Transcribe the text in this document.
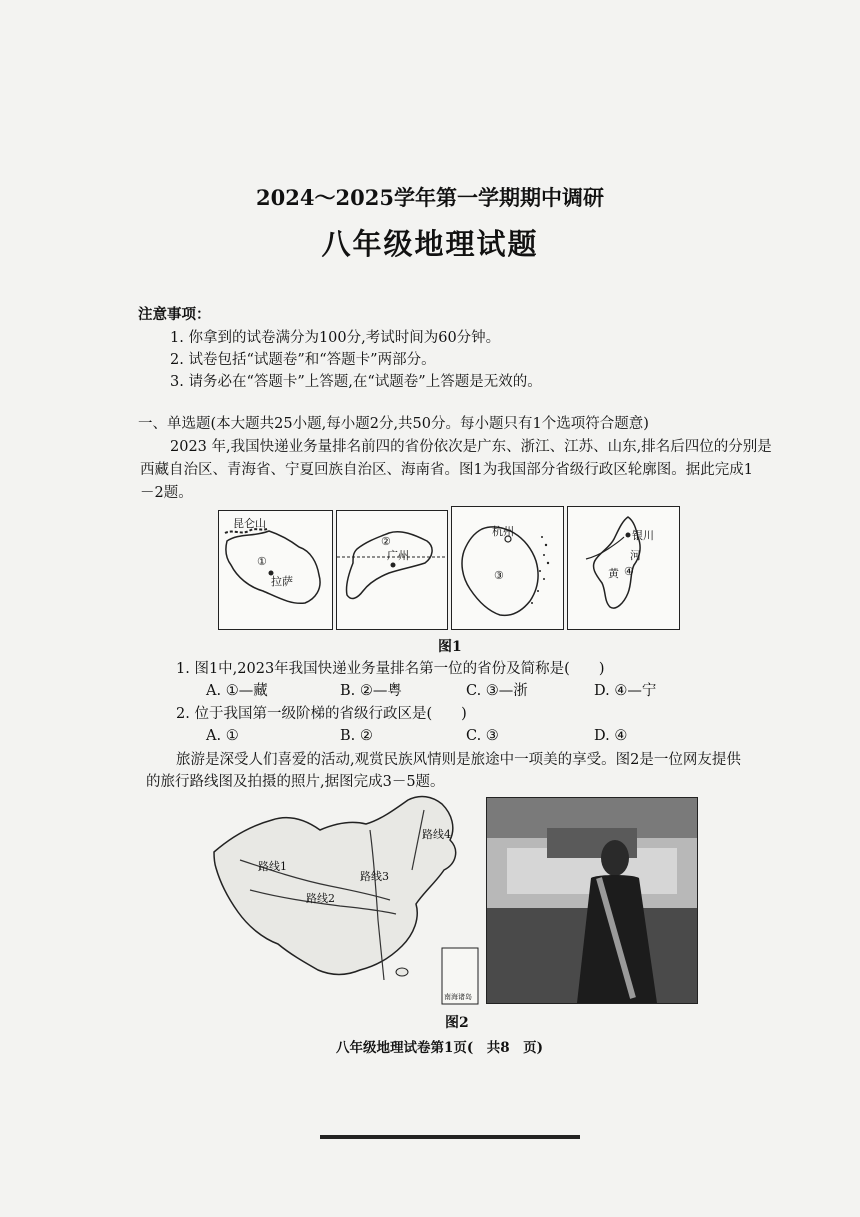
2024～2025学年第一学期期中调研
八年级地理试题
注意事项：
1. 你拿到的试卷满分为100分,考试时间为60分钟。
2. 试卷包括“试题卷”和“答题卡”两部分。
3. 请务必在“答题卡”上答题,在“试题卷”上答题是无效的。
一、单选题(本大题共25小题,每小题2分,共50分。每小题只有1个选项符合题意)
2023 年,我国快递业务量排名前四的省份依次是广东、浙江、江苏、山东,排名后四位的分别是
西藏自治区、青海省、宁夏回族自治区、海南省。图1为我国部分省级行政区轮廓图。据此完成1
－2题。
昆仑山
①
拉萨
②
广州
杭州
③
银川
河
黄 ④
图1
1. 图1中,2023年我国快递业务量排名第一位的省份及简称是(　　)
A. ①—藏	B. ②—粤	C. ③—浙	D. ④—宁
2. 位于我国第一级阶梯的省级行政区是(　　)
A. ①	B. ②	C. ③	D. ④
旅游是深受人们喜爱的活动,观赏民族风情则是旅途中一项美的享受。图2是一位网友提供
的旅行路线图及拍摄的照片,据图完成3－5题。
路线1
路线2
路线3
路线4
南海诸岛
图2
八年级地理试卷第1页(　共8　页)
